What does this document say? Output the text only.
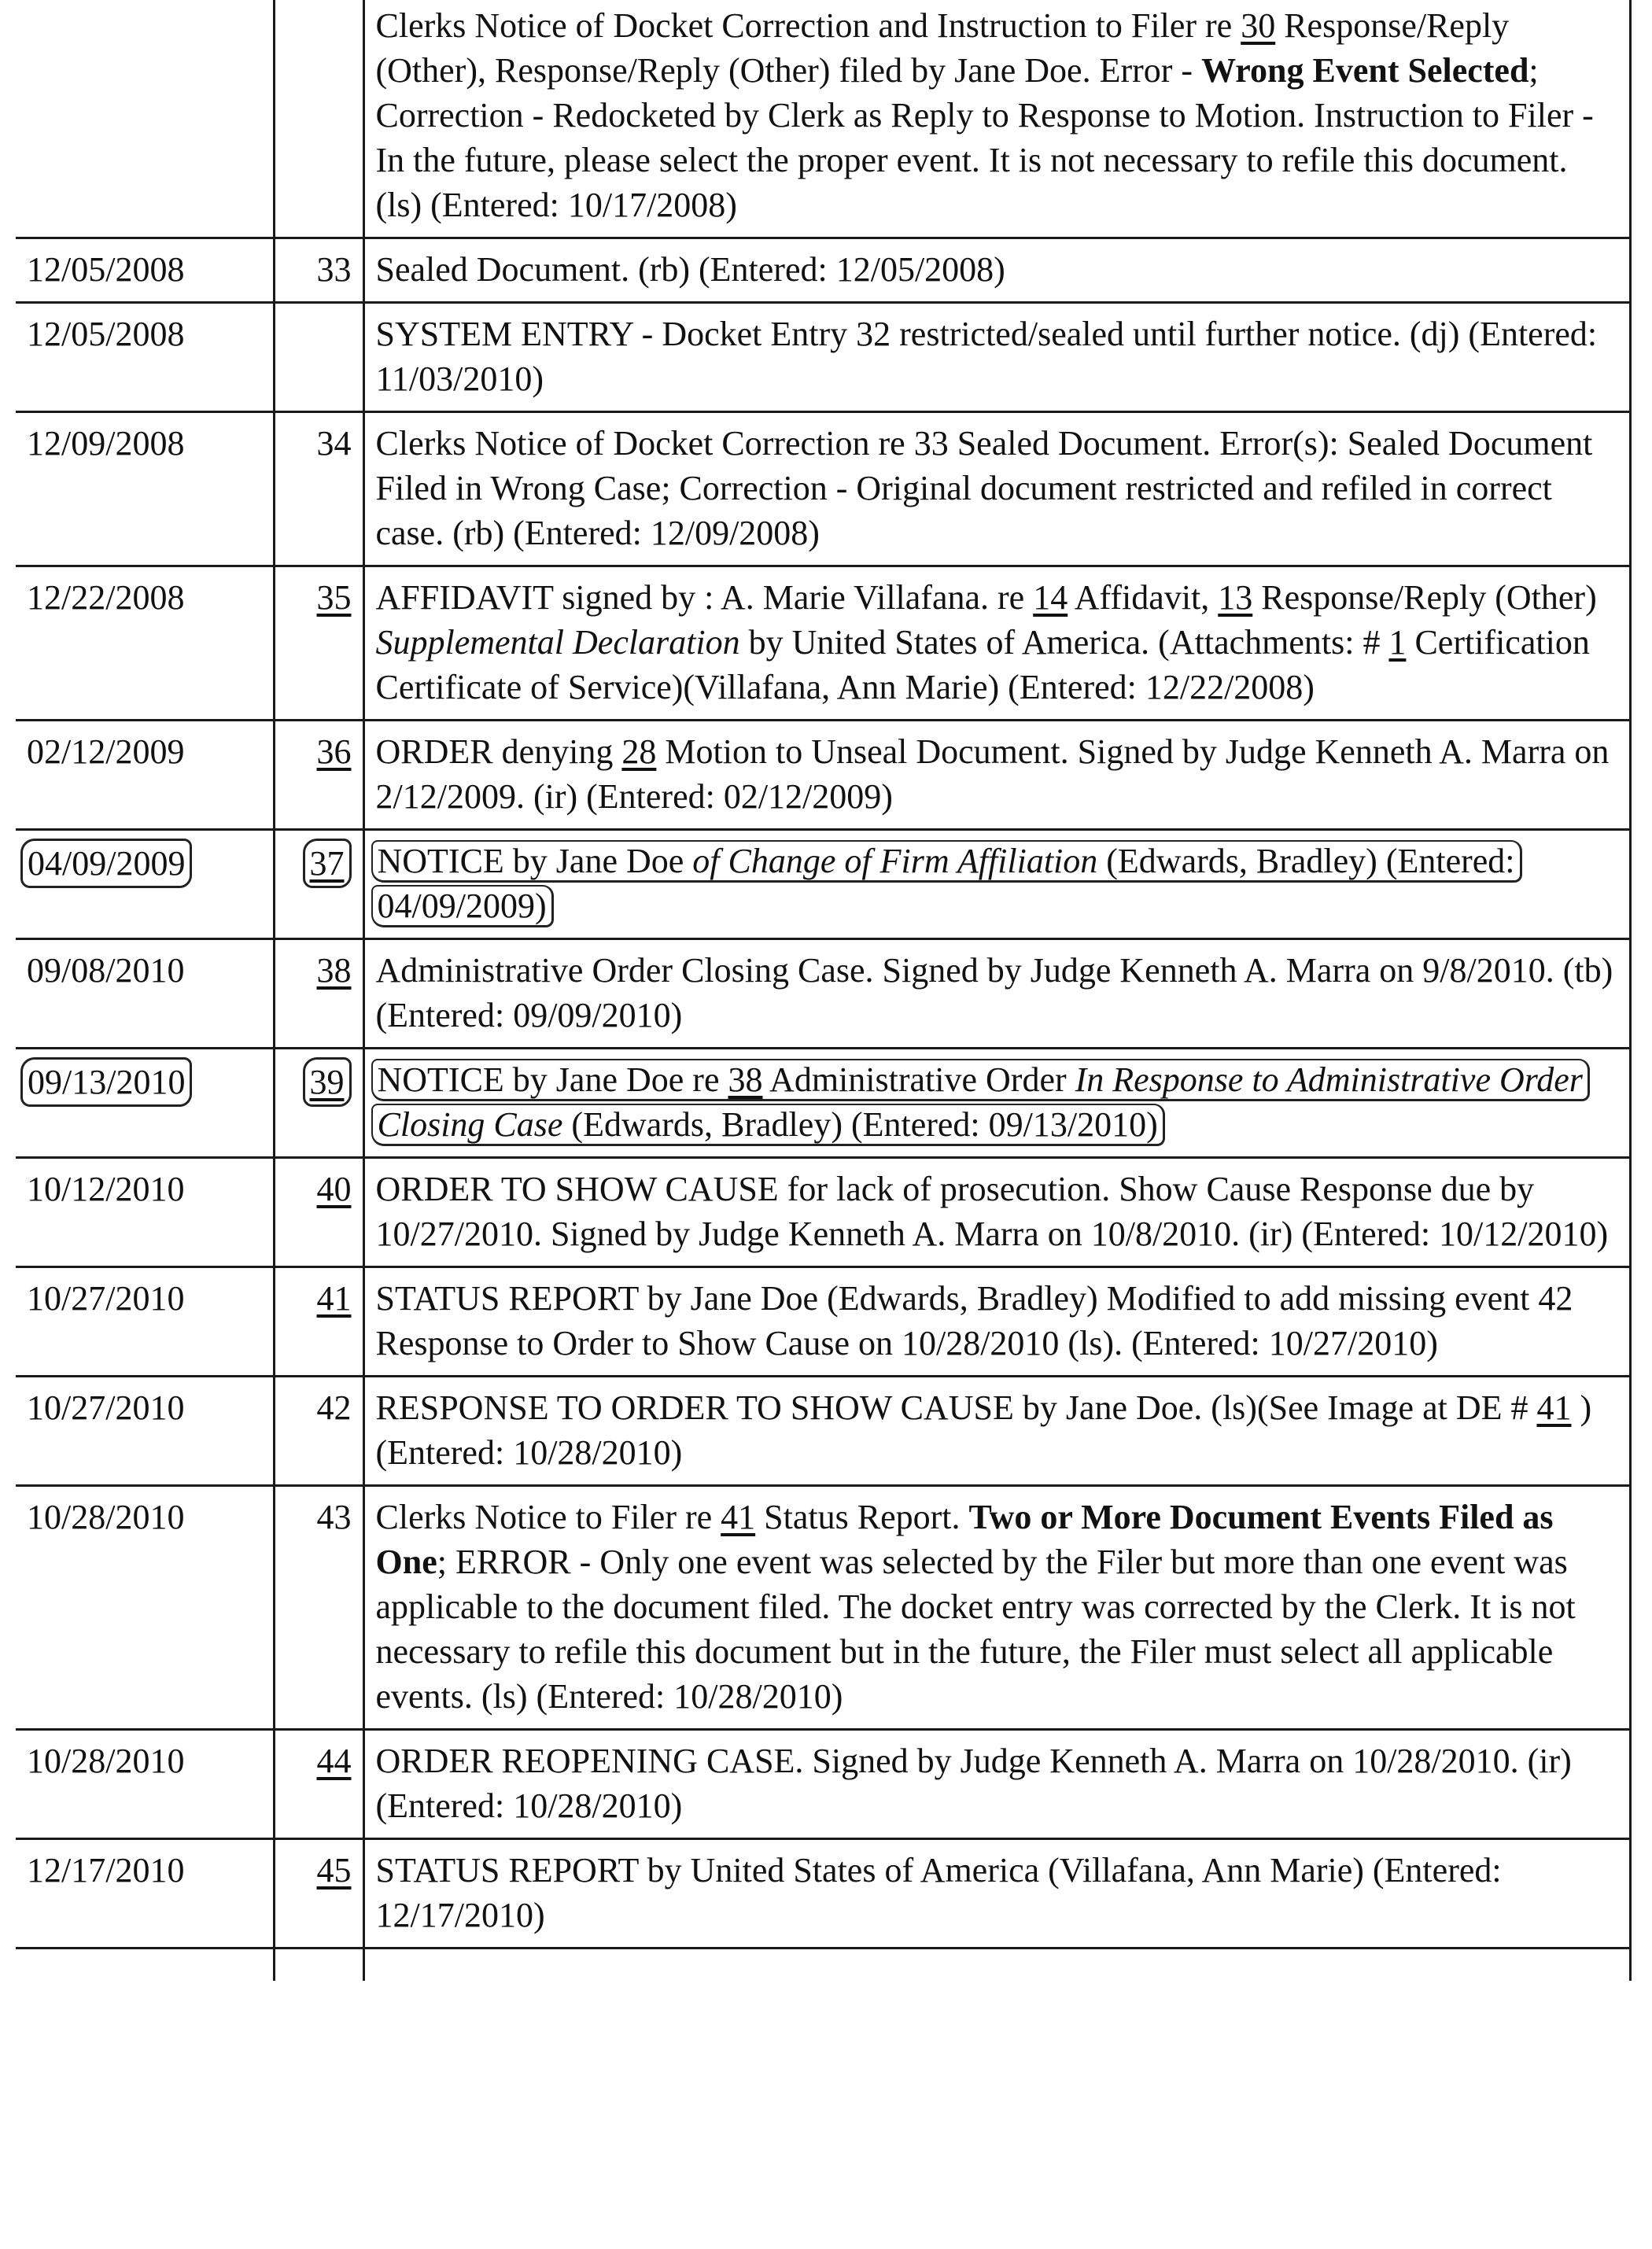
		Clerks Notice of Docket Correction and Instruction to Filer re 30 Response/Reply (Other), Response/Reply (Other) filed by Jane Doe. Error - Wrong Event Selected; Correction - Redocketed by Clerk as Reply to Response to Motion. Instruction to Filer - In the future, please select the proper event. It is not necessary to refile this document. (ls) (Entered: 10/17/2008)
12/05/2008	33	Sealed Document. (rb) (Entered: 12/05/2008)
12/05/2008		SYSTEM ENTRY - Docket Entry 32 restricted/sealed until further notice. (dj) (Entered: 11/03/2010)
12/09/2008	34	Clerks Notice of Docket Correction re 33 Sealed Document. Error(s): Sealed Document Filed in Wrong Case; Correction - Original document restricted and refiled in correct case. (rb) (Entered: 12/09/2008)
12/22/2008	35	AFFIDAVIT signed by : A. Marie Villafana. re 14 Affidavit, 13 Response/Reply (Other) Supplemental Declaration by United States of America. (Attachments: # 1 Certification Certificate of Service)(Villafana, Ann Marie) (Entered: 12/22/2008)
02/12/2009	36	ORDER denying 28 Motion to Unseal Document. Signed by Judge Kenneth A. Marra on 2/12/2009. (ir) (Entered: 02/12/2009)
04/09/2009	37	NOTICE by Jane Doe of Change of Firm Affiliation (Edwards, Bradley) (Entered: 04/09/2009)
09/08/2010	38	Administrative Order Closing Case. Signed by Judge Kenneth A. Marra on 9/8/2010. (tb) (Entered: 09/09/2010)
09/13/2010	39	NOTICE by Jane Doe re 38 Administrative Order In Response to Administrative Order Closing Case (Edwards, Bradley) (Entered: 09/13/2010)
10/12/2010	40	ORDER TO SHOW CAUSE for lack of prosecution. Show Cause Response due by 10/27/2010. Signed by Judge Kenneth A. Marra on 10/8/2010. (ir) (Entered: 10/12/2010)
10/27/2010	41	STATUS REPORT by Jane Doe (Edwards, Bradley) Modified to add missing event 42 Response to Order to Show Cause on 10/28/2010 (ls). (Entered: 10/27/2010)
10/27/2010	42	RESPONSE TO ORDER TO SHOW CAUSE by Jane Doe. (ls)(See Image at DE # 41 ) (Entered: 10/28/2010)
10/28/2010	43	Clerks Notice to Filer re 41 Status Report. Two or More Document Events Filed as One; ERROR - Only one event was selected by the Filer but more than one event was applicable to the document filed. The docket entry was corrected by the Clerk. It is not necessary to refile this document but in the future, the Filer must select all applicable events. (ls) (Entered: 10/28/2010)
10/28/2010	44	ORDER REOPENING CASE. Signed by Judge Kenneth A. Marra on 10/28/2010. (ir) (Entered: 10/28/2010)
12/17/2010	45	STATUS REPORT by United States of America (Villafana, Ann Marie) (Entered: 12/17/2010)
